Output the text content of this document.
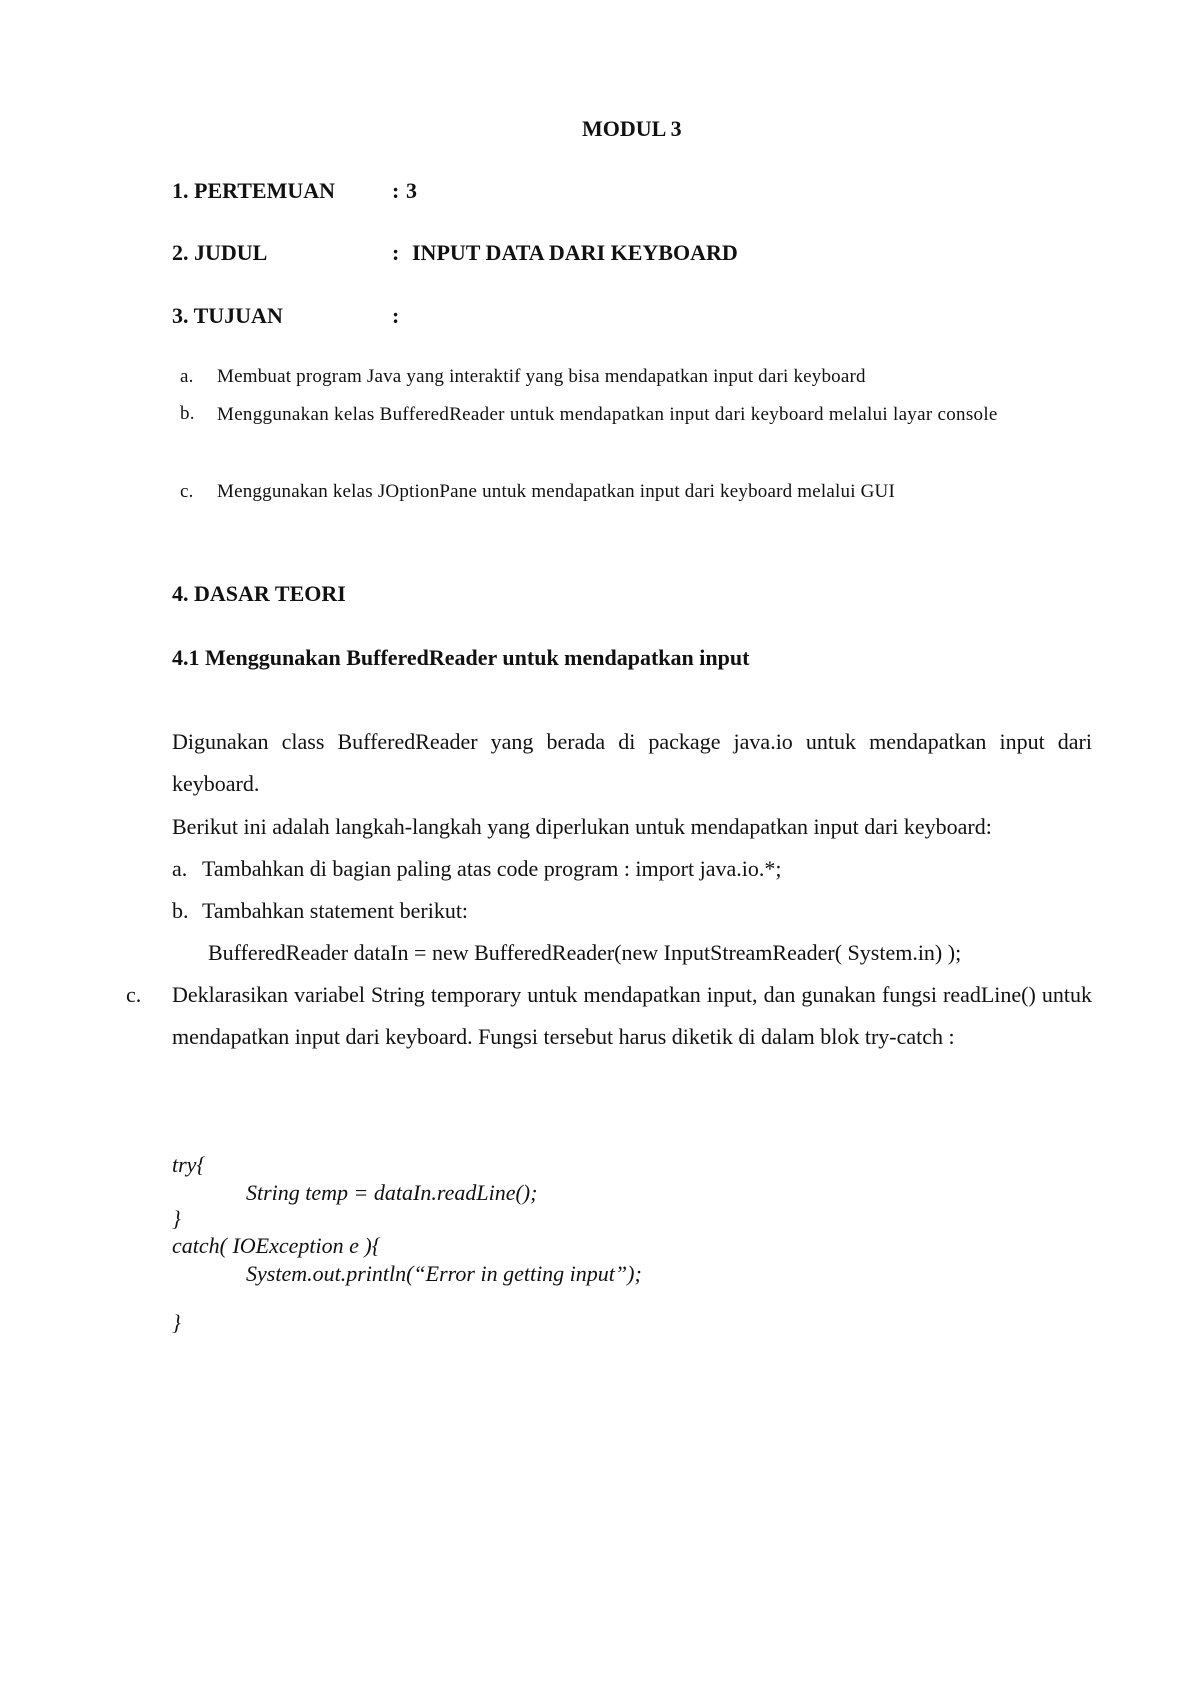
MODUL 3
1. PERTEMUAN	: 3
2. JUDUL	: INPUT DATA DARI KEYBOARD
3. TUJUAN	:
a. Membuat program Java yang interaktif yang bisa mendapatkan input dari keyboard
b. Menggunakan kelas BufferedReader untuk mendapatkan input dari keyboard melalui layar console
c. Menggunakan kelas JOptionPane untuk mendapatkan input dari keyboard melalui GUI
4. DASAR TEORI
4.1 Menggunakan BufferedReader untuk mendapatkan input
Digunakan class BufferedReader yang berada di package java.io untuk mendapatkan input dari keyboard.
Berikut ini adalah langkah-langkah yang diperlukan untuk mendapatkan input dari keyboard:
a. Tambahkan di bagian paling atas code program : import java.io.*;
b. Tambahkan statement berikut:
BufferedReader dataIn = new BufferedReader(new InputStreamReader( System.in) );
c. Deklarasikan variabel String temporary untuk mendapatkan input, dan gunakan fungsi readLine() untuk mendapatkan input dari keyboard. Fungsi tersebut harus diketik di dalam blok try-catch :
try{
String temp = dataIn.readLine();
}
catch( IOException e ){
System.out.println(“Error in getting input”);
}
